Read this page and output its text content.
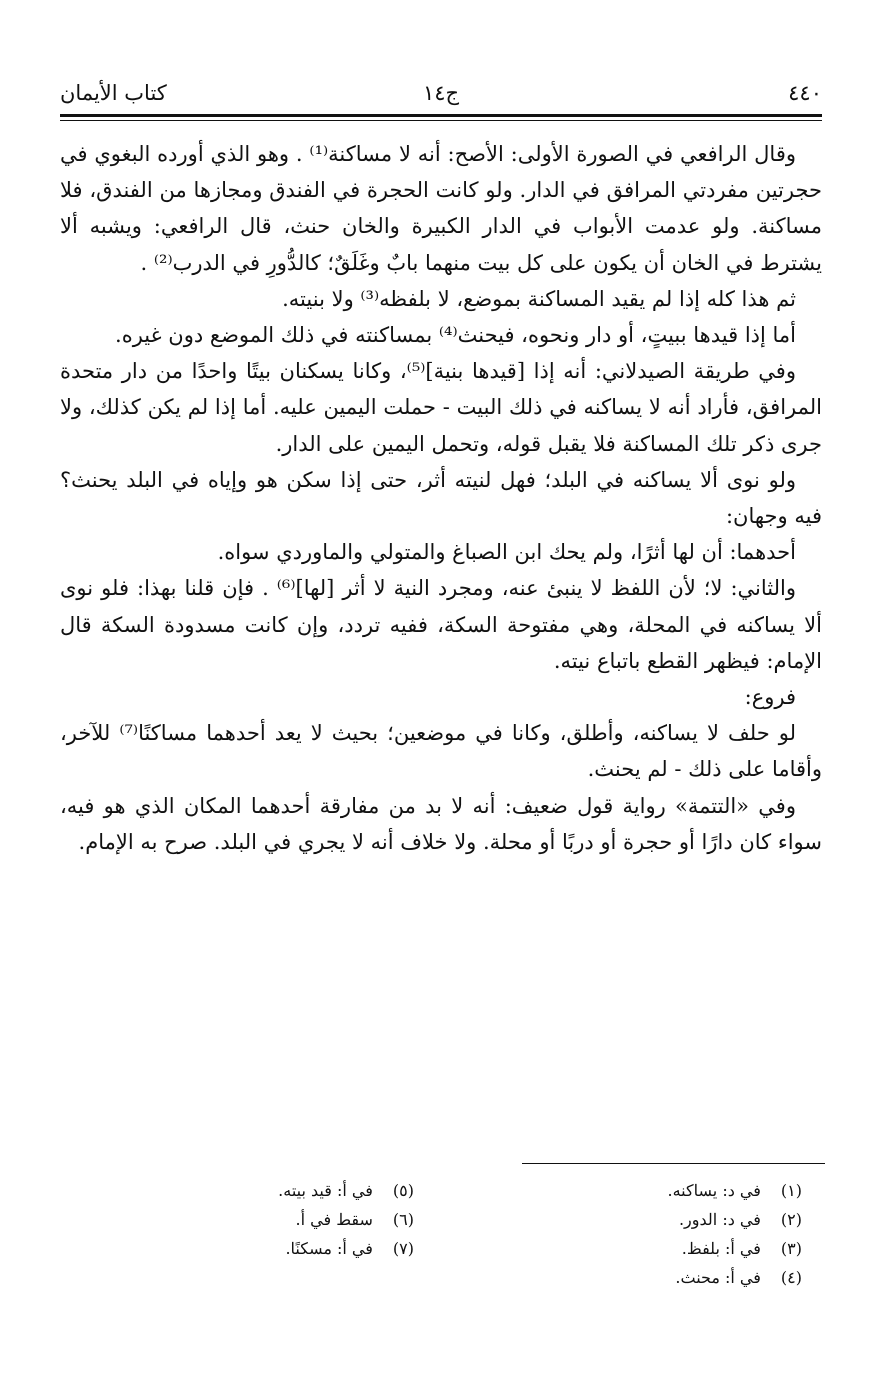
٤٤٠
ج١٤
كتاب الأيمان

وقال الرافعي في الصورة الأولى: الأصح: أنه لا مساكنة⁽¹⁾ . وهو الذي أورده البغوي في حجرتين مفردتي المرافق في الدار. ولو كانت الحجرة في الفندق ومجازها من الفندق، فلا مساكنة. ولو عدمت الأبواب في الدار الكبيرة والخان حنث، قال الرافعي: ويشبه ألا يشترط في الخان أن يكون على كل بيت منهما بابٌ وغَلَقٌ؛ كالدُّورِ في الدرب⁽²⁾ .

ثم هذا كله إذا لم يقيد المساكنة بموضع، لا بلفظه⁽³⁾ ولا بنيته.

أما إذا قيدها ببيتٍ، أو دار ونحوه، فيحنث⁽⁴⁾ بمساكنته في ذلك الموضع دون غيره.

وفي طريقة الصيدلاني: أنه إذا [قيدها بنية]⁽⁵⁾، وكانا يسكنان بيتًا واحدًا من دار متحدة المرافق، فأراد أنه لا يساكنه في ذلك البيت - حملت اليمين عليه. أما إذا لم يكن كذلك، ولا جرى ذكر تلك المساكنة فلا يقبل قوله، وتحمل اليمين على الدار.

ولو نوى ألا يساكنه في البلد؛ فهل لنيته أثر، حتى إذا سكن هو وإياه في البلد يحنث؟ فيه وجهان:

أحدهما: أن لها أثرًا، ولم يحك ابن الصباغ والمتولي والماوردي سواه.

والثاني: لا؛ لأن اللفظ لا ينبئ عنه، ومجرد النية لا أثر [لها]⁽⁶⁾ . فإن قلنا بهذا: فلو نوى ألا يساكنه في المحلة، وهي مفتوحة السكة، ففيه تردد، وإن كانت مسدودة السكة قال الإمام: فيظهر القطع باتباع نيته.

فروع:

لو حلف لا يساكنه، وأطلق، وكانا في موضعين؛ بحيث لا يعد أحدهما مساكنًا⁽⁷⁾ للآخر، وأقاما على ذلك - لم يحنث.

وفي «التتمة» رواية قول ضعيف: أنه لا بد من مفارقة أحدهما المكان الذي هو فيه، سواء كان دارًا أو حجرة أو دربًا أو محلة. ولا خلاف أنه لا يجري في البلد. صرح به الإمام.

(١) في د: يساكنه.
(٢) في د: الدور.
(٣) في أ: بلفظ.
(٤) في أ: محنث.
(٥) في أ: قيد بيته.
(٦) سقط في أ.
(٧) في أ: مسكنًا.
